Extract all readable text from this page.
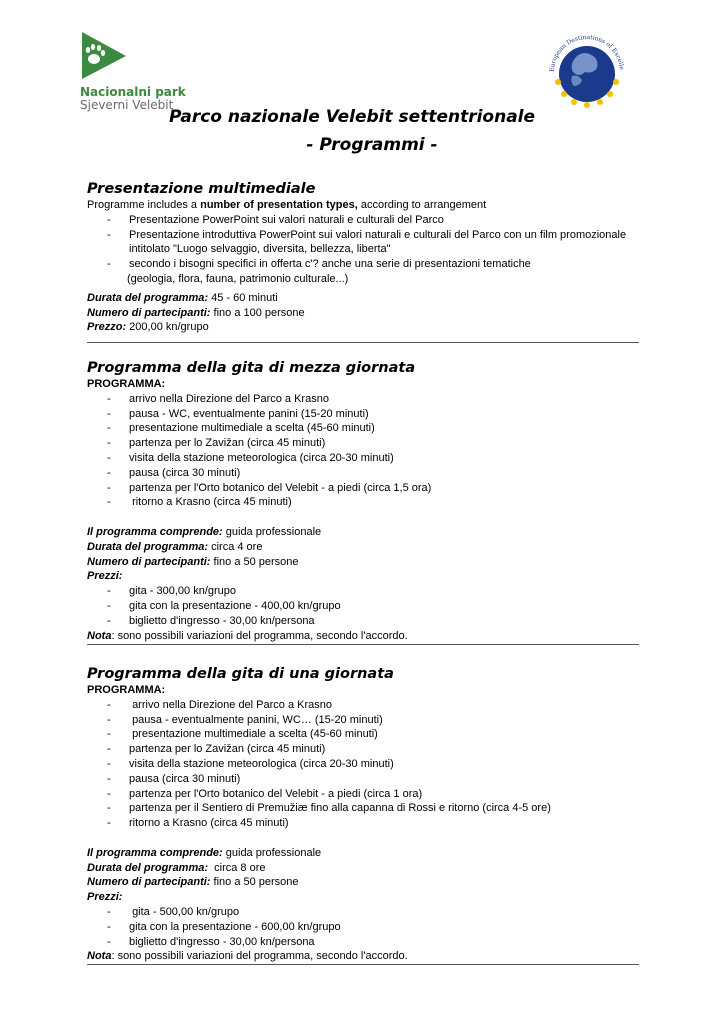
Nacionalni park
Sjeverni Velebit
European Destinations of Excelle
Parco nazionale Velebit settentrionale
- Programmi -
Presentazione multimediale

Programme includes a number of presentation types, according to arrangement

- Presentazione PowerPoint sui valori naturali e culturali del Parco
- Presentazione introduttiva PowerPoint sui valori naturali e culturali del Parco con un film promozionale
intitolato "Luogo selvaggio, diversita, bellezza, liberta"
- secondo i bisogni specifici in offerta c'? anche una serie di presentazioni tematiche
(geologia, flora, fauna, patrimonio culturale...)

Durata del programma: 45 - 60 minuti

Numero di partecipanti: fino a 100 persone

Prezzo: 200,00 kn/grupo

Programma della gita di mezza giornata

PROGRAMMA:

- arrivo nella Direzione del Parco a Krasno
- pausa - WC, eventualmente panini (15-20 minuti)
- presentazione multimediale a scelta (45-60 minuti)
- partenza per lo Zavižan (circa 45 minuti)
- visita della stazione meteorologica (circa 20-30 minuti)
- pausa (circa 30 minuti)
- partenza per l'Orto botanico del Velebit - a piedi (circa 1,5 ora)
-  ritorno a Krasno (circa 45 minuti)

Il programma comprende: guida professionale

Durata del programma: circa 4 ore

Numero di partecipanti: fino a 50 persone

Prezzi:

- gita - 300,00 kn/grupo
- gita con la presentazione - 400,00 kn/grupo
- biglietto d'ingresso - 30,00 kn/persona

Nota: sono possibili variazioni del programma, secondo l'accordo.

Programma della gita di una giornata

PROGRAMMA:

-  arrivo nella Direzione del Parco a Krasno
-  pausa - eventualmente panini, WC… (15-20 minuti)
-  presentazione multimediale a scelta (45-60 minuti)
- partenza per lo Zavižan (circa 45 minuti)
- visita della stazione meteorologica (circa 20-30 minuti)
- pausa (circa 30 minuti)
- partenza per l'Orto botanico del Velebit - a piedi (circa 1 ora)
- partenza per il Sentiero di Premužiæ fino alla capanna di Rossi e ritorno (circa 4-5 ore)
- ritorno a Krasno (circa 45 minuti)

Il programma comprende: guida professionale

Durata del programma:  circa 8 ore

Numero di partecipanti: fino a 50 persone

Prezzi:

-  gita - 500,00 kn/grupo
- gita con la presentazione - 600,00 kn/grupo
- biglietto d'ingresso - 30,00 kn/persona

Nota: sono possibili variazioni del programma, secondo l'accordo.
